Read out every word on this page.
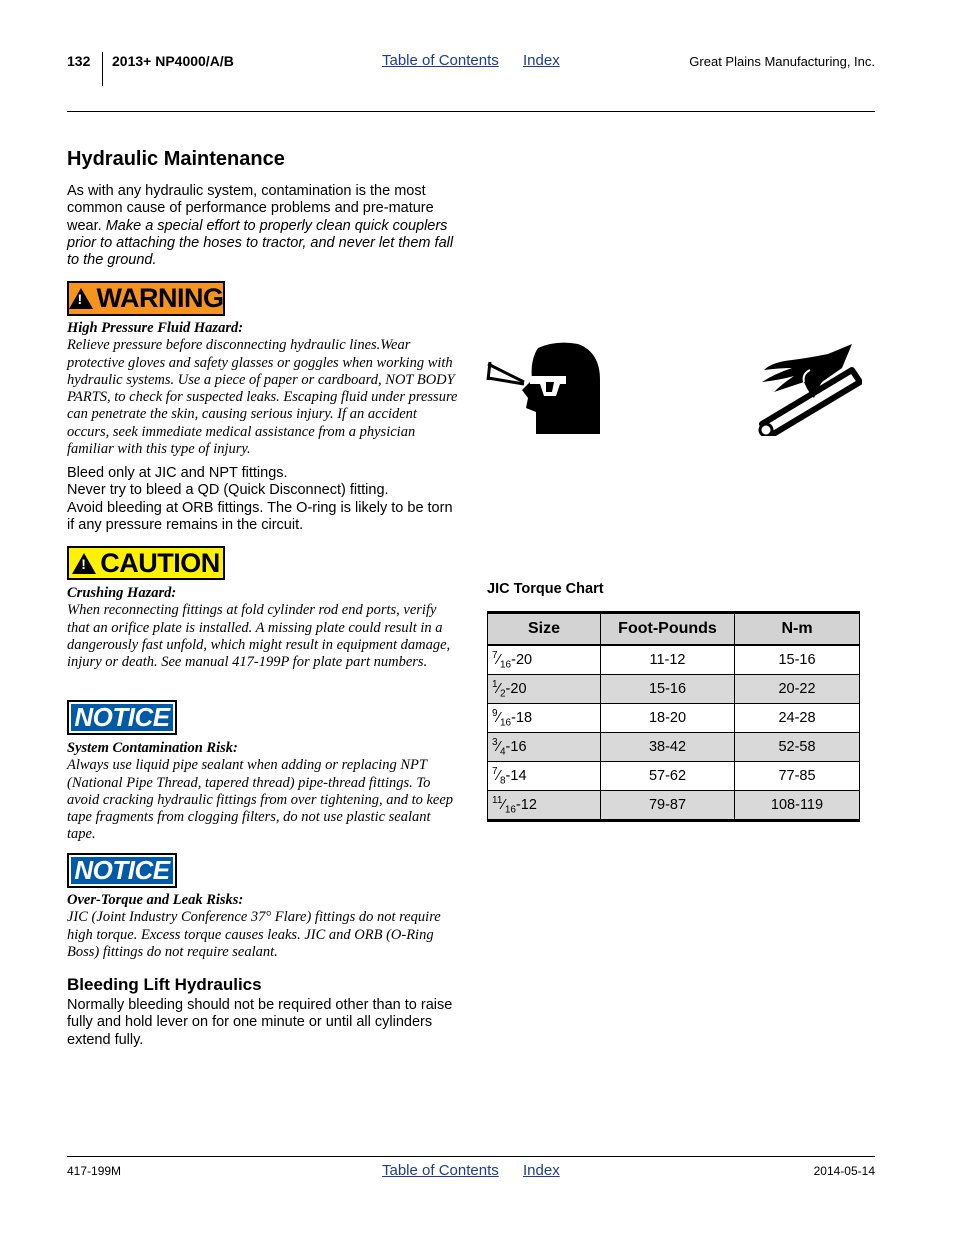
132 2013+ NP4000/A/B	Table of Contents Index	Great Plains Manufacturing, Inc.
Hydraulic Maintenance
As with any hydraulic system, contamination is the most common cause of performance problems and pre-mature wear. Make a special effort to properly clean quick couplers prior to attaching the hoses to tractor, and never let them fall to the ground.
!
WARNING
High Pressure Fluid Hazard:
Relieve pressure before disconnecting hydraulic lines.Wear protective gloves and safety glasses or goggles when working with hydraulic systems. Use a piece of paper or cardboard, NOT BODY PARTS, to check for suspected leaks. Escaping fluid under pressure can penetrate the skin, causing serious injury. If an accident occurs, seek immediate medical assistance from a physician familiar with this type of injury.
Bleed only at JIC and NPT fittings.
Never try to bleed a QD (Quick Disconnect) fitting.
Avoid bleeding at ORB fittings. The O-ring is likely to be torn if any pressure remains in the circuit.
!
CAUTION
Crushing Hazard:
When reconnecting fittings at fold cylinder rod end ports, verify that an orifice plate is installed. A missing plate could result in a dangerously fast unfold, which might result in equipment damage, injury or death. See manual 417-199P for plate part numbers.
NOTICE
System Contamination Risk:
Always use liquid pipe sealant when adding or replacing NPT (National Pipe Thread, tapered thread) pipe-thread fittings. To avoid cracking hydraulic fittings from over tightening, and to keep tape fragments from clogging filters, do not use plastic sealant tape.
NOTICE
Over-Torque and Leak Risks:
JIC (Joint Industry Conference 37° Flare) fittings do not require high torque. Excess torque causes leaks. JIC and ORB (O-Ring Boss) fittings do not require sealant.
Bleeding Lift Hydraulics
Normally bleeding should not be required other than to raise fully and hold lever on for one minute or until all cylinders extend fully.
JIC Torque Chart
Size	Foot-Pounds	N-m
$^7⁄_{16}-20$	11-12	15-16
$^1⁄_2-20$	15-16	20-22
$^9⁄_{16}-18$	18-20	24-28
$^3⁄_4-16$	38-42	52-58
$^7⁄_8-14$	57-62	77-85
$^{11}⁄_{16}-12$	79-87	108-119
417-199M	Table of Contents Index	2014-05-14
